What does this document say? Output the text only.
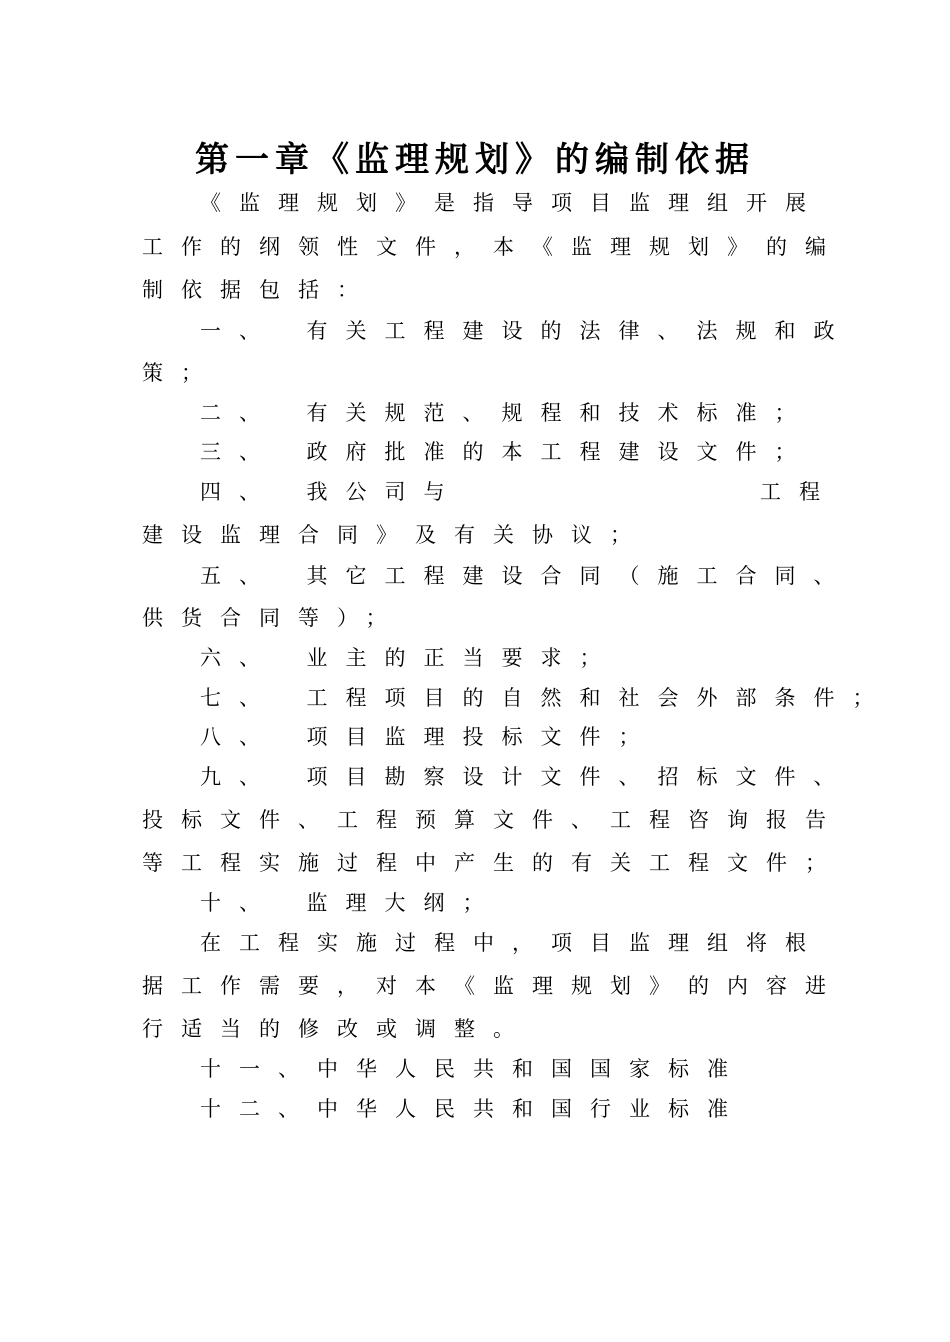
第一章《监理规划》的编制依据
《监理规划》是指导项目监理组开展
工作的纲领性文件，本《监理规划》的编
制依据包括：
一、　有关工程建设的法律、法规和政
策；
二、　有关规范、规程和技术标准；
三、　政府批准的本工程建设文件；
四、　我公司与	工程
建设监理合同》及有关协议；
五、　其它工程建设合同（施工合同、
供货合同等）；
六、　业主的正当要求；
七、　工程项目的自然和社会外部条件；
八、　项目监理投标文件；
九、　项目勘察设计文件、招标文件、
投标文件、工程预算文件、工程咨询报告
等工程实施过程中产生的有关工程文件；
十、　监理大纲；
在工程实施过程中，项目监理组将根
据工作需要，对本《监理规划》的内容进
行适当的修改或调整。
十一、中华人民共和国国家标准
十二、中华人民共和国行业标准
